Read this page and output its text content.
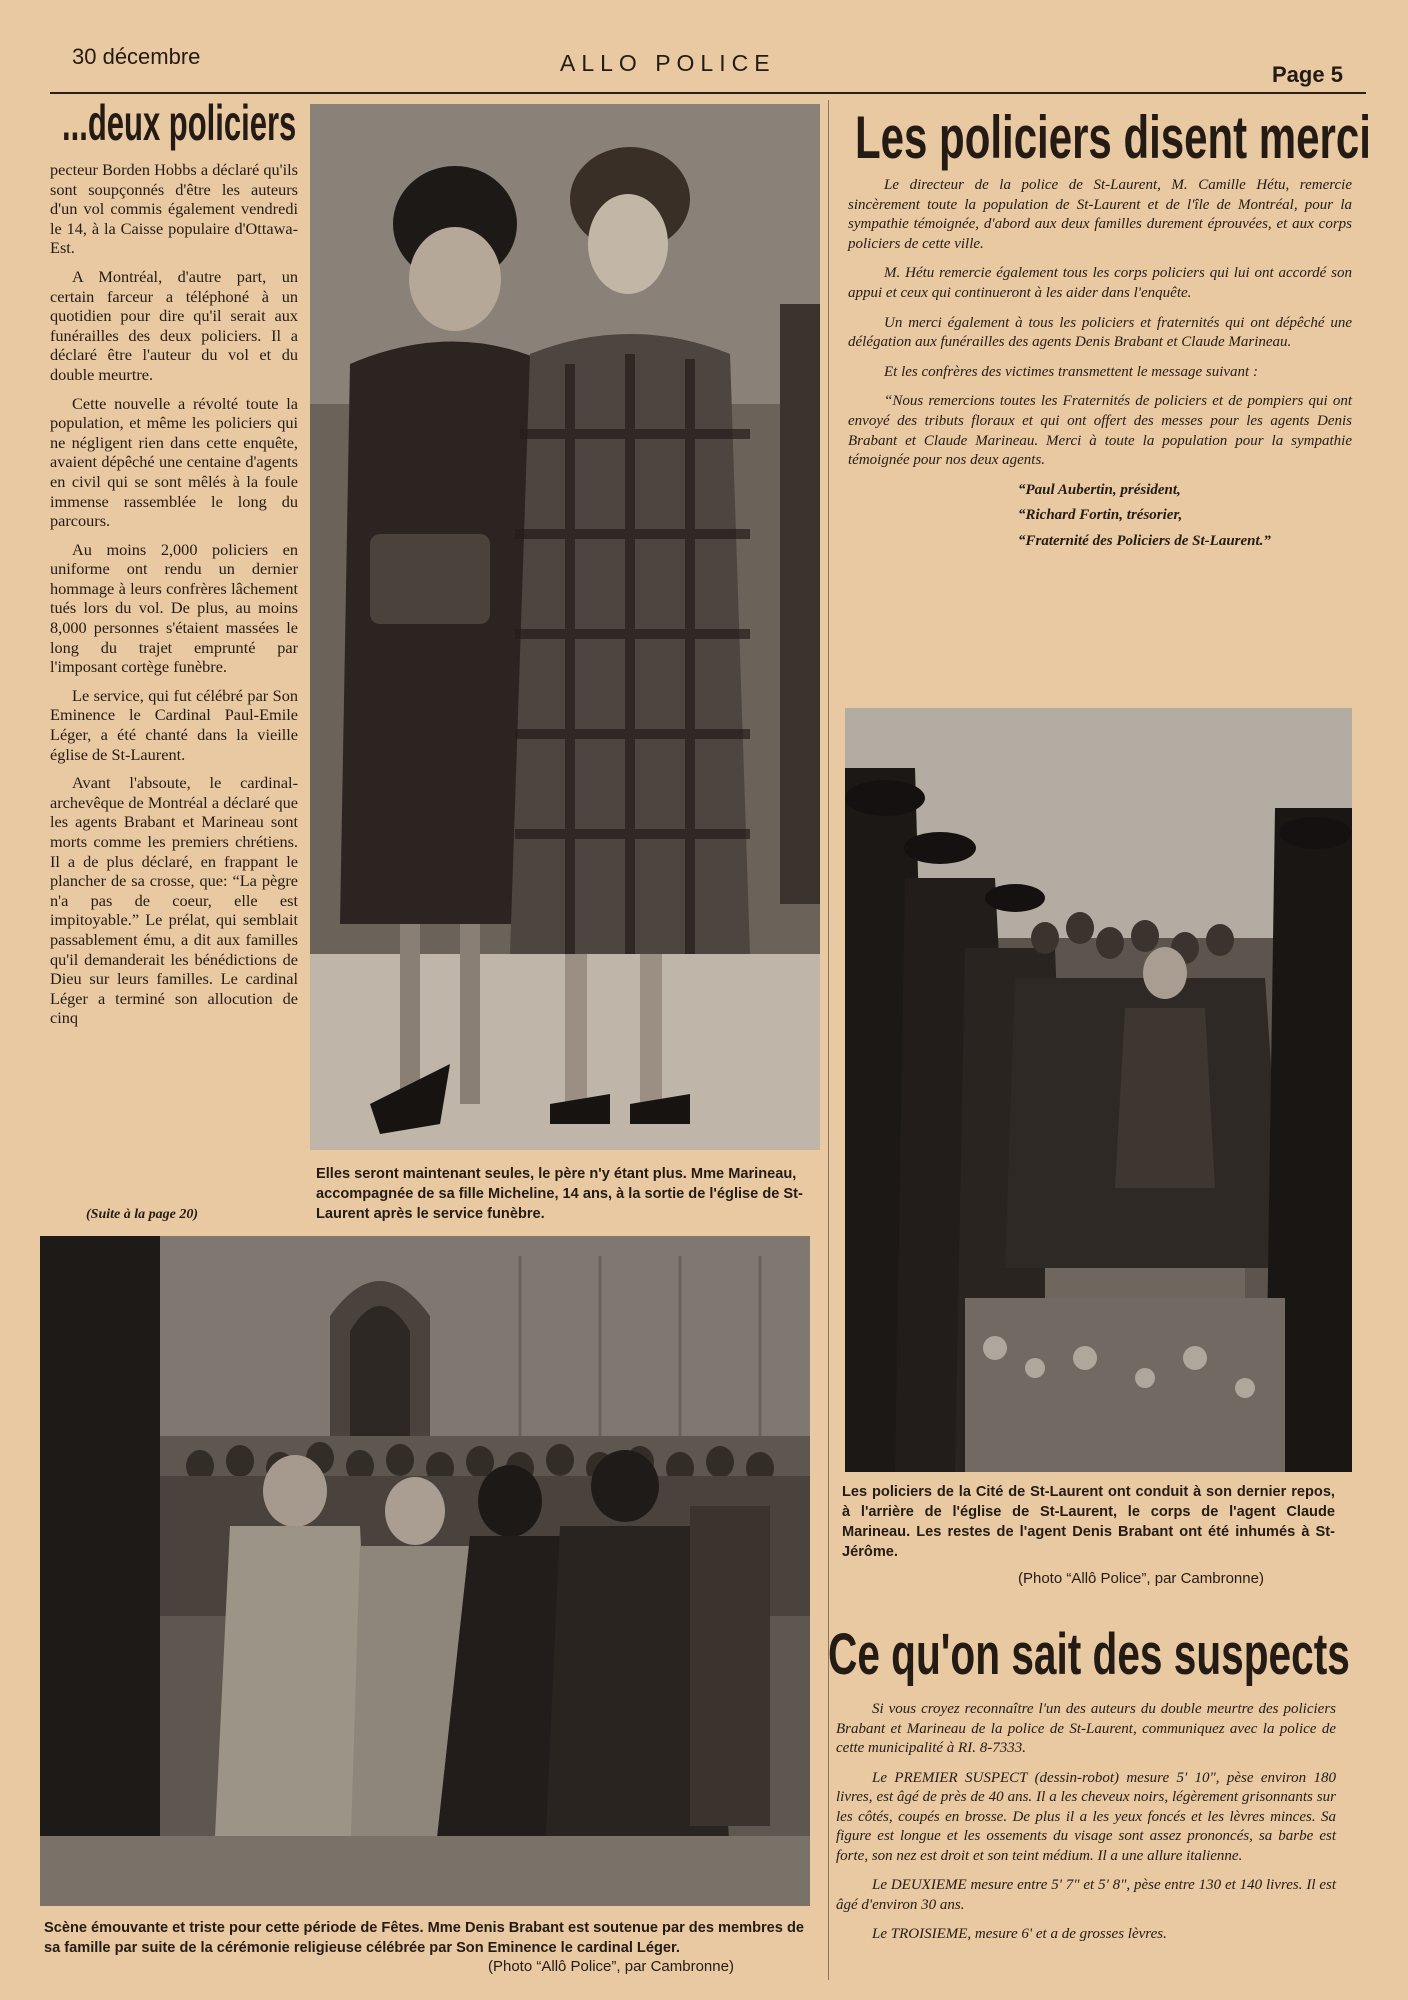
30 décembre	ALLO POLICE	Page 5
...deux policiers

pecteur Borden Hobbs a déclaré qu'ils sont soupçonnés d'être les auteurs d'un vol commis également vendredi le 14, à la Caisse populaire d'Ottawa-Est.

A Montréal, d'autre part, un certain farceur a téléphoné à un quotidien pour dire qu'il serait aux funérailles des deux policiers. Il a déclaré être l'auteur du vol et du double meurtre.

Cette nouvelle a révolté toute la population, et même les policiers qui ne négligent rien dans cette enquête, avaient dépêché une centaine d'agents en civil qui se sont mêlés à la foule immense rassemblée le long du parcours.

Au moins 2,000 policiers en uniforme ont rendu un dernier hommage à leurs confrères lâchement tués lors du vol. De plus, au moins 8,000 personnes s'étaient massées le long du trajet emprunté par l'imposant cortège funèbre.

Le service, qui fut célébré par Son Eminence le Cardinal Paul-Emile Léger, a été chanté dans la vieille église de St-Laurent.

Avant l'absoute, le cardinal-archevêque de Montréal a déclaré que les agents Brabant et Marineau sont morts comme les premiers chrétiens. Il a de plus déclaré, en frappant le plancher de sa crosse, que: “La pègre n'a pas de coeur, elle est impitoyable.” Le prélat, qui semblait passablement ému, a dit aux familles qu'il demanderait les bénédictions de Dieu sur leurs familles. Le cardinal Léger a terminé son allocution de cinq

(Suite à la page 20)
Elles seront maintenant seules, le père n'y étant plus. Mme Marineau, accompagnée de sa fille Micheline, 14 ans, à la sortie de l'église de St-Laurent après le service funèbre.
Les policiers disent merci

Le directeur de la police de St-Laurent, M. Camille Hétu, remercie sincèrement toute la population de St-Laurent et de l'île de Montréal, pour la sympathie témoignée, d'abord aux deux familles durement éprouvées, et aux corps policiers de cette ville.

M. Hétu remercie également tous les corps policiers qui lui ont accordé son appui et ceux qui continueront à les aider dans l'enquête.

Un merci également à tous les policiers et fraternités qui ont dépêché une délégation aux funérailles des agents Denis Brabant et Claude Marineau.

Et les confrères des victimes transmettent le message suivant :

“Nous remercions toutes les Fraternités de policiers et de pompiers qui ont envoyé des tributs floraux et qui ont offert des messes pour les agents Denis Brabant et Claude Marineau. Merci à toute la population pour la sympathie témoignée pour nos deux agents.

“Paul Aubertin, président,

“Richard Fortin, trésorier,

“Fraternité des Policiers de St-Laurent.”

Les policiers de la Cité de St-Laurent ont conduit à son dernier repos, à l'arrière de l'église de St-Laurent, le corps de l'agent Claude Marineau. Les restes de l'agent Denis Brabant ont été inhumés à St-Jérôme.
(Photo “Allô Police”, par Cambronne)
Scène émouvante et triste pour cette période de Fêtes. Mme Denis Brabant est soutenue par des membres de sa famille par suite de la cérémonie religieuse célébrée par Son Eminence le cardinal Léger.
(Photo “Allô Police”, par Cambronne)
Ce qu'on sait des suspects

Si vous croyez reconnaître l'un des auteurs du double meurtre des policiers Brabant et Marineau de la police de St-Laurent, communiquez avec la police de cette municipalité à RI. 8-7333.

Le PREMIER SUSPECT (dessin-robot) mesure 5' 10", pèse environ 180 livres, est âgé de près de 40 ans. Il a les cheveux noirs, légèrement grisonnants sur les côtés, coupés en brosse. De plus il a les yeux foncés et les lèvres minces. Sa figure est longue et les ossements du visage sont assez prononcés, sa barbe est forte, son nez est droit et son teint médium. Il a une allure italienne.

Le DEUXIEME mesure entre 5' 7" et 5' 8", pèse entre 130 et 140 livres. Il est âgé d'environ 30 ans.

Le TROISIEME, mesure 6' et a de grosses lèvres.
